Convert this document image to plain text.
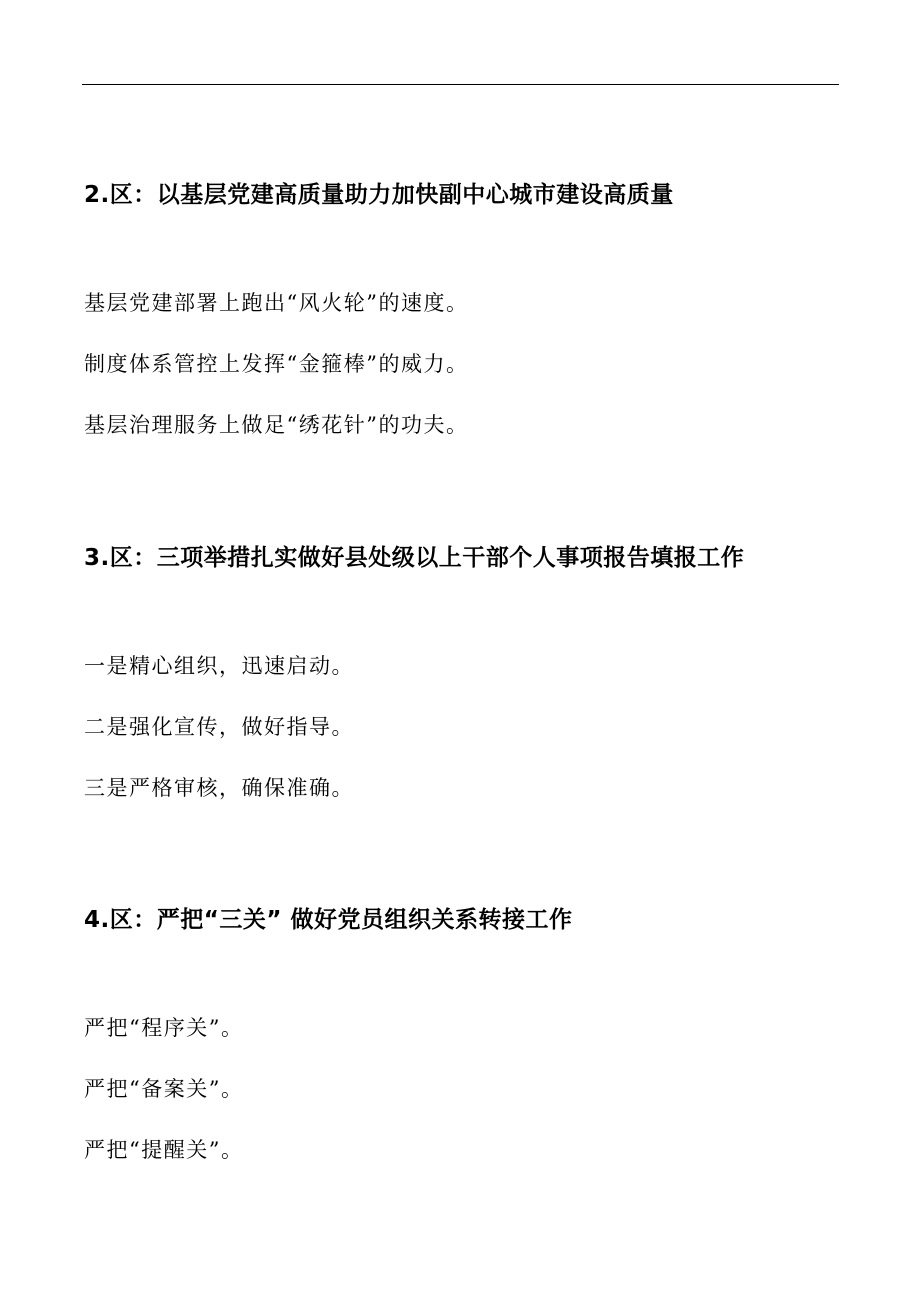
2.区：以基层党建高质量助力加快副中心城市建设高质量
基层党建部署上跑出“风火轮”的速度。
制度体系管控上发挥“金箍棒”的威力。
基层治理服务上做足“绣花针”的功夫。
3.区：三项举措扎实做好县处级以上干部个人事项报告填报工作
一是精心组织，迅速启动。
二是强化宣传，做好指导。
三是严格审核，确保准确。
4.区：严把“三关” 做好党员组织关系转接工作
严把“程序关”。
严把“备案关”。
严把“提醒关”。
